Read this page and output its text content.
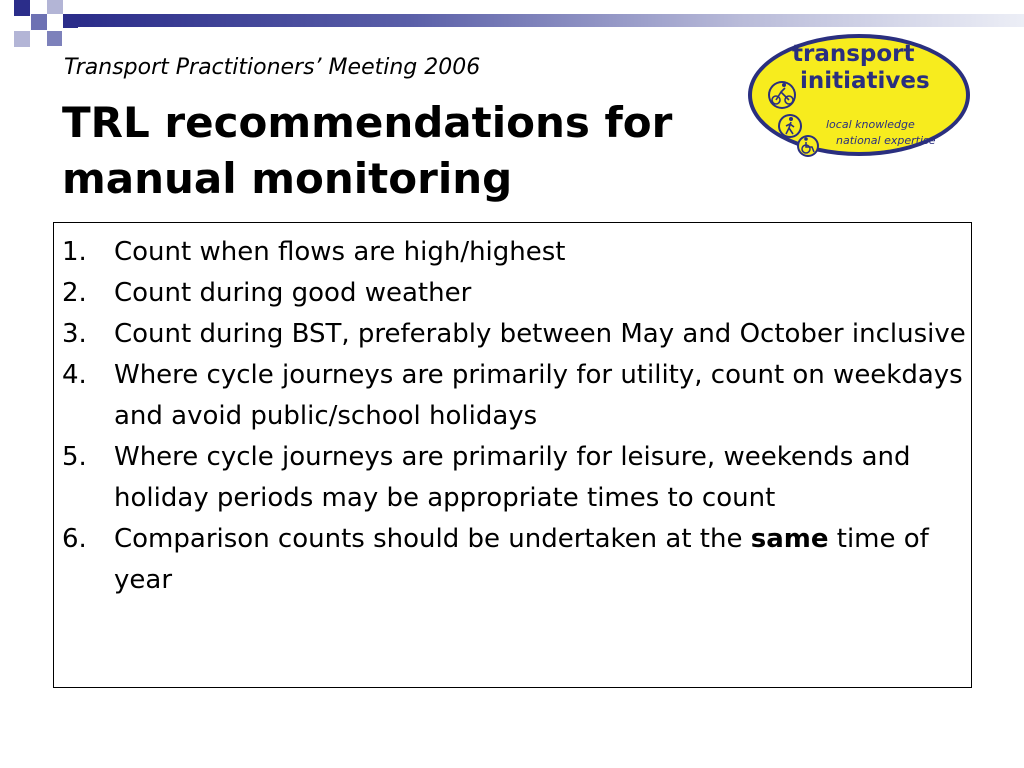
Transport Practitioners’ Meeting 2006
TRL recommendations for
manual monitoring
transport
initiatives
local knowledge
national expertise
1.	Count when flows are high/highest
2.	Count during good weather
3.	Count during BST, preferably between May and October inclusive
4.	Where cycle journeys are primarily for utility, count on weekdays and avoid public/school holidays
5.	Where cycle journeys are primarily for leisure, weekends and holiday periods may be appropriate times to count
6.	Comparison counts should be undertaken at the same time of year
